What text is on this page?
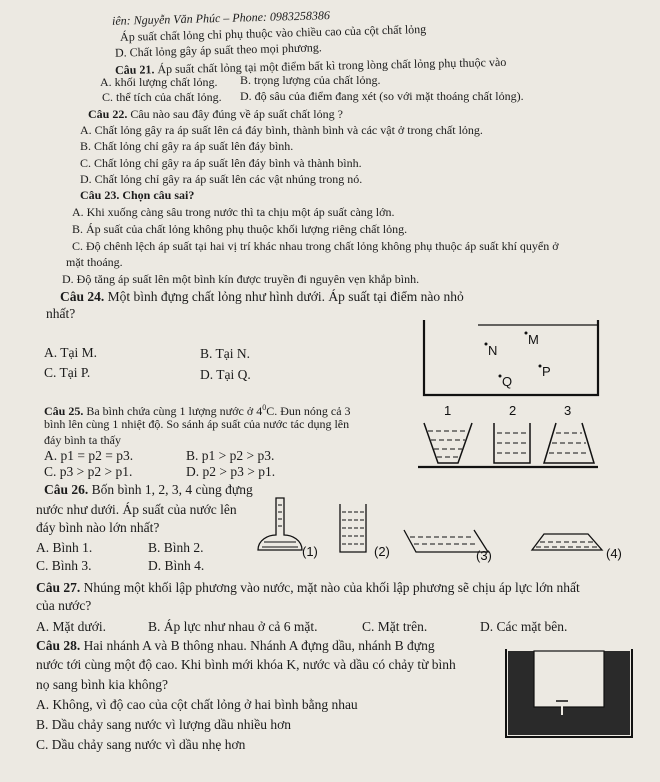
iên: Nguyễn Văn Phúc – Phone: 0983258386
Áp suất chất lỏng chỉ phụ thuộc vào chiều cao của cột chất lỏng
D. Chất lỏng gây áp suất theo mọi phương.
Câu 21. Áp suất chất lỏng tại một điểm bất kì trong lòng chất lỏng phụ thuộc vào
A. khối lượng chất lỏng. B. trọng lượng của chất lỏng.
C. thể tích của chất lỏng. D. độ sâu của điểm đang xét (so với mặt thoáng chất lỏng).
Câu 22. Câu nào sau đây đúng về áp suất chất lỏng ?
A. Chất lỏng gây ra áp suất lên cả đáy bình, thành bình và các vật ở trong chất lỏng.
B. Chất lỏng chỉ gây ra áp suất lên đáy bình.
C. Chất lỏng chỉ gây ra áp suất lên đáy bình và thành bình.
D. Chất lỏng chỉ gây ra áp suất lên các vật nhúng trong nó.
Câu 23. Chọn câu sai?
A. Khi xuống càng sâu trong nước thì ta chịu một áp suất càng lớn.
B. Áp suất của chất lỏng không phụ thuộc khối lượng riêng chất lỏng.
C. Độ chênh lệch áp suất tại hai vị trí khác nhau trong chất lỏng không phụ thuộc áp suất khí quyển ở
mặt thoáng.
D. Độ tăng áp suất lên một bình kín được truyền đi nguyên vẹn khắp bình.
Câu 24. Một bình đựng chất lỏng như hình dưới. Áp suất tại điểm nào nhỏ
nhất?
A. Tại M.	B. Tại N.
C. Tại P.	D. Tại Q.
M
N
P
Q
Câu 25. Ba bình chứa cùng 1 lượng nước ở $4^0C$. Đun nóng cả 3
bình lên cùng 1 nhiệt độ. So sánh áp suất của nước tác dụng lên
đáy bình ta thấy
A. p1 = p2 = p3.	B. p1 > p2 > p3.
C. p3 > p2 > p1.	D. p2 > p3 > p1.
1	2	3
Câu 26. Bốn bình 1, 2, 3, 4 cùng đựng
nước như dưới. Áp suất của nước lên
đáy bình nào lớn nhất?
A. Bình 1.	B. Bình 2.
C. Bình 3.	D. Bình 4.
(1)	(2)	(3)	(4)
Câu 27. Nhúng một khối lập phương vào nước, mặt nào của khối lập phương sẽ chịu áp lực lớn nhất
của nước?
A. Mặt dưới.	B. Áp lực như nhau ở cả 6 mặt.	C. Mặt trên.	D. Các mặt bên.
Câu 28. Hai nhánh A và B thông nhau. Nhánh A đựng dầu, nhánh B đựng
nước tới cùng một độ cao. Khi bình mới khóa K, nước và dầu có chảy từ bình
nọ sang bình kia không?
A. Không, vì độ cao của cột chất lỏng ở hai bình bằng nhau
B. Dầu chảy sang nước vì lượng dầu nhiều hơn
C. Dầu chảy sang nước vì dầu nhẹ hơn
